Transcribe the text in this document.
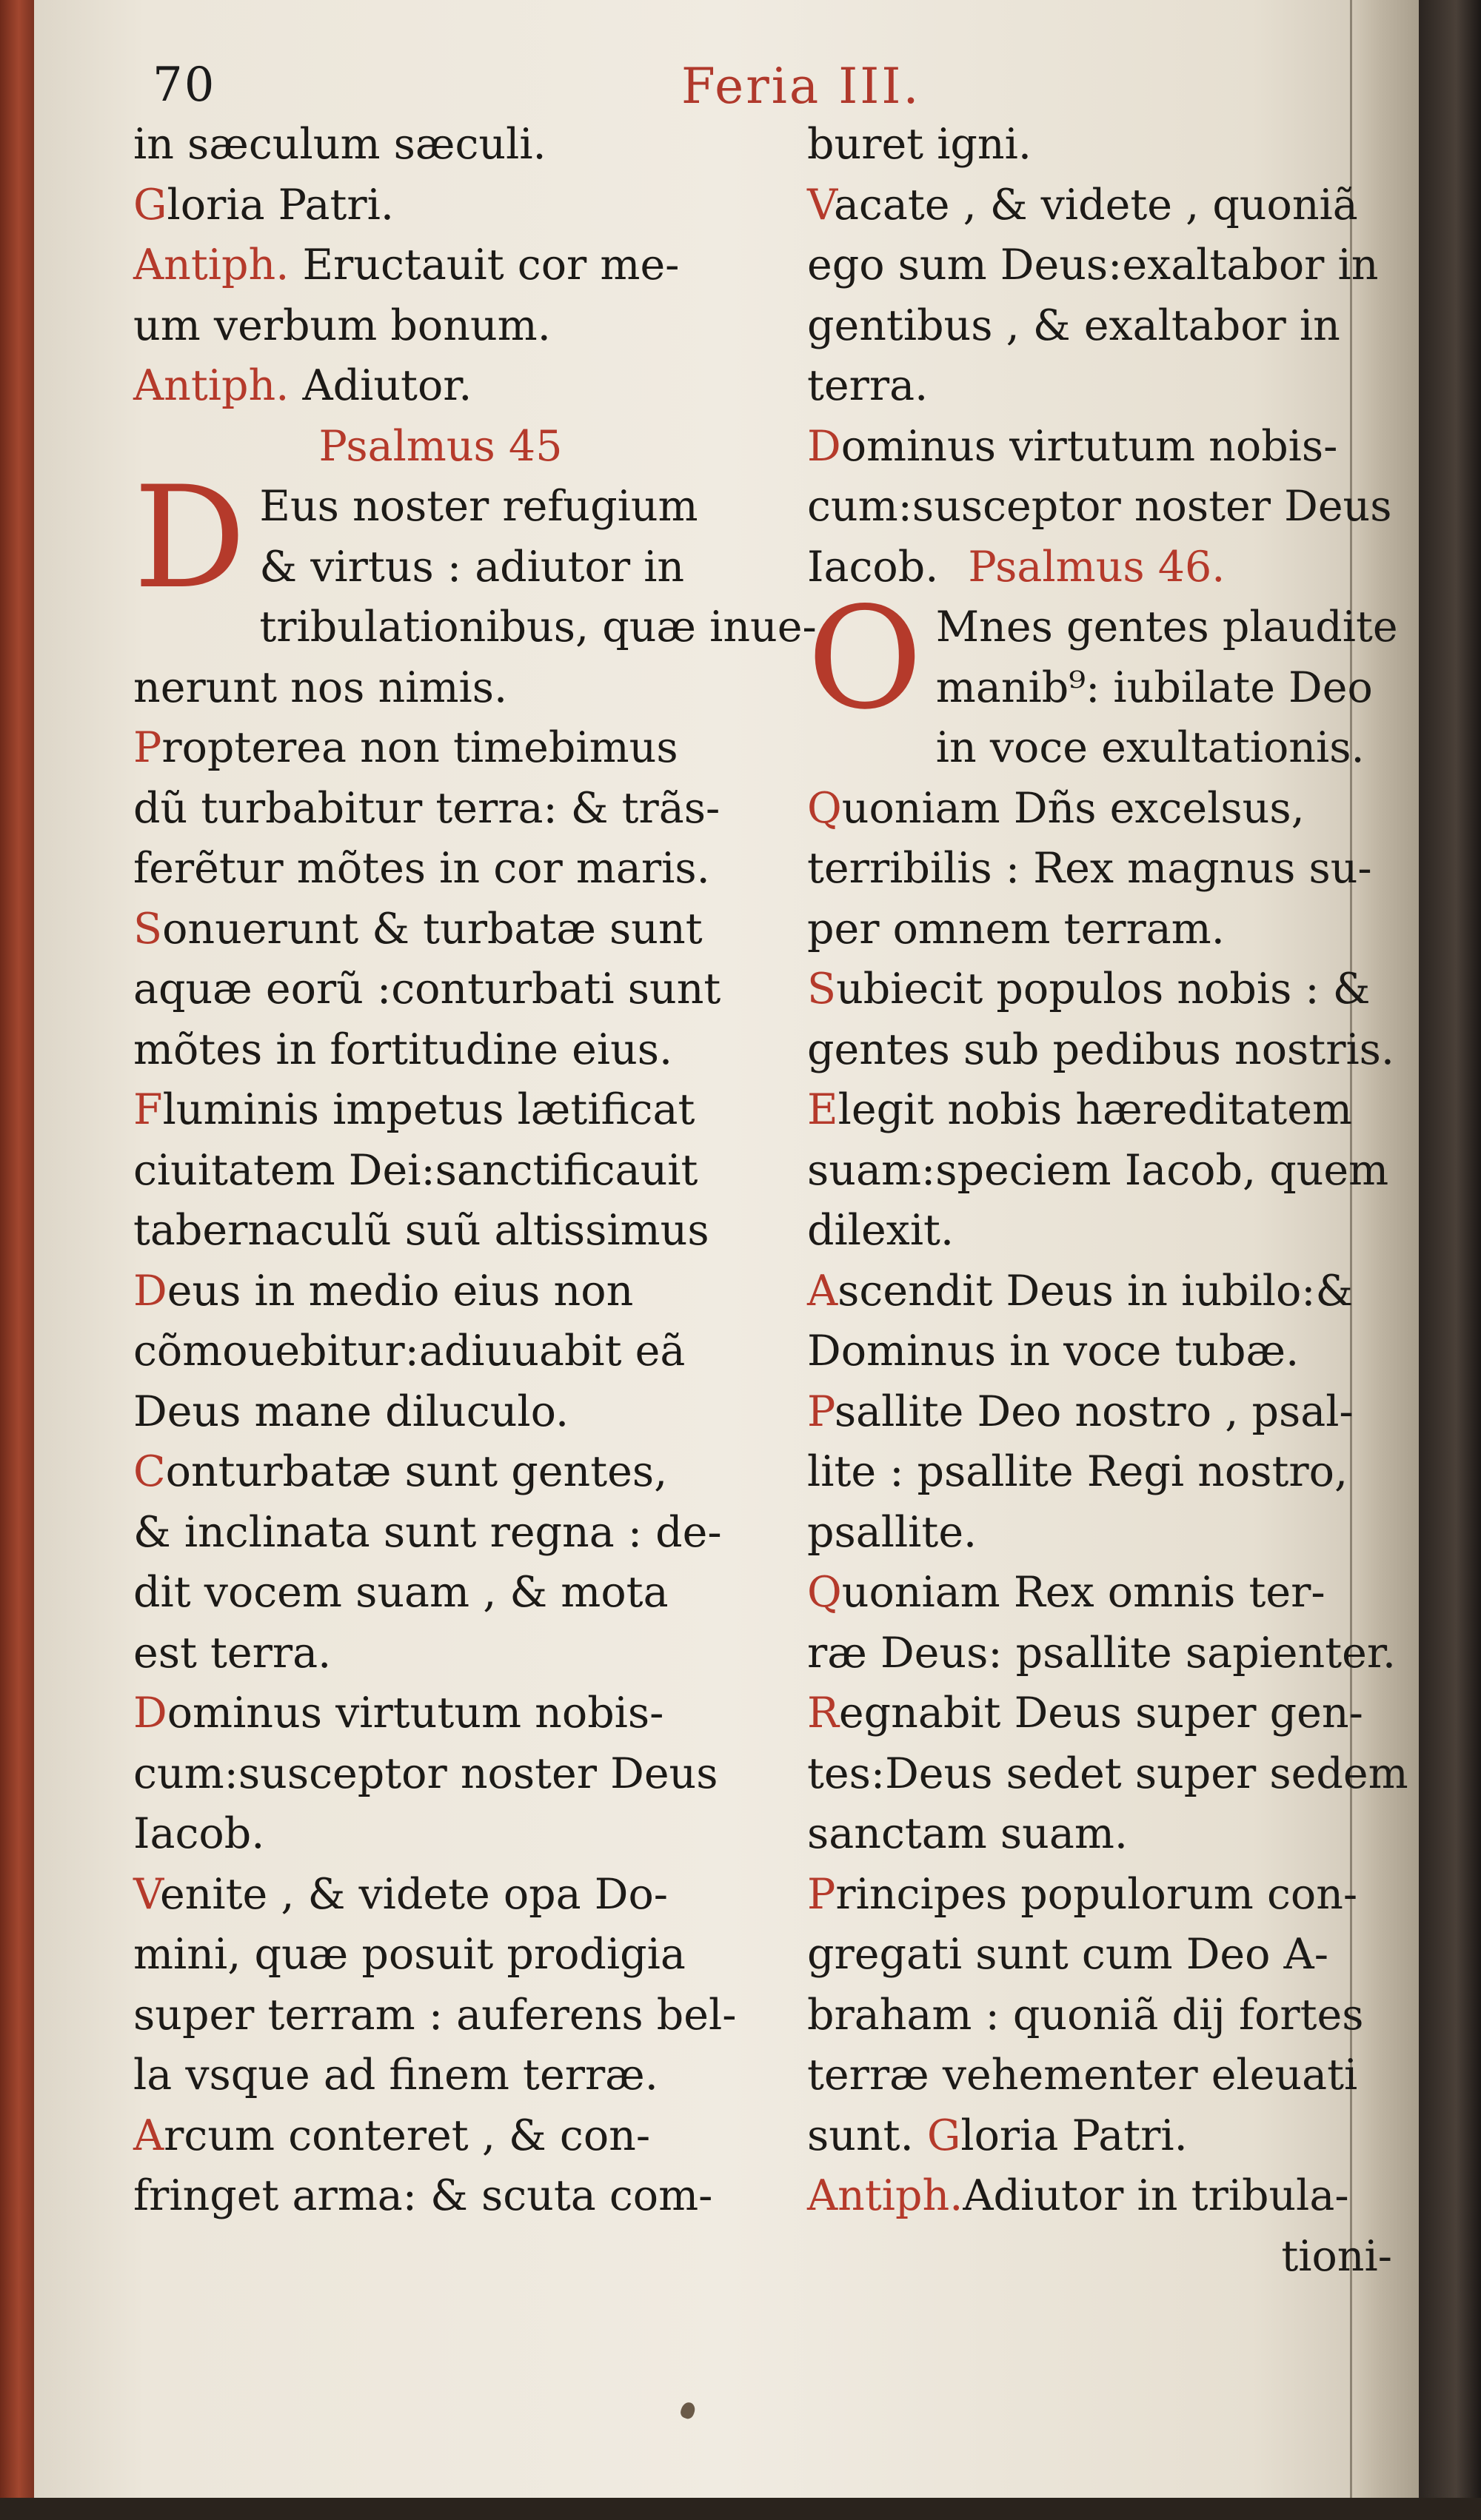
70	Feria III.
in sæculum sæculi.
Gloria Patri.
Antiph. Eructauit cor me-
um verbum bonum.
Antiph. Adiutor.
Psalmus 45
D Eus noster refugium
& virtus : adiutor in
tribulationibus, quæ inue-
nerunt nos nimis.
Propterea non timebimus
dũ turbabitur terra: & trãs-
ferẽtur mõtes in cor maris.
Sonuerunt & turbatæ sunt
aquæ eorũ :conturbati sunt
mõtes in fortitudine eius.
Fluminis impetus lætificat
ciuitatem Dei:sanctificauit
tabernaculũ suũ altissimus
Deus in medio eius non
cõmouebitur:adiuuabit eã
Deus mane diluculo.
Conturbatæ sunt gentes,
& inclinata sunt regna : de-
dit vocem suam , & mota
est terra.
Dominus virtutum nobis-
cum:susceptor noster Deus
Iacob.
Venite , & videte opa Do-
mini, quæ posuit prodigia
super terram : auferens bel-
la vsque ad finem terræ.
Arcum conteret , & con-
fringet arma: & scuta com-
buret igni.
Vacate , & videte , quoniã
ego sum Deus:exaltabor in
gentibus , & exaltabor in
terra.
Dominus virtutum nobis-
cum:susceptor noster Deus
Iacob. Psalmus 46.
O Mnes gentes plaudite
manib⁹: iubilate Deo
in voce exultationis.
Quoniam Dñs excelsus,
terribilis : Rex magnus su-
per omnem terram.
Subiecit populos nobis : &
gentes sub pedibus nostris.
Elegit nobis hæreditatem
suam:speciem Iacob, quem
dilexit.
Ascendit Deus in iubilo:&
Dominus in voce tubæ.
Psallite Deo nostro , psal-
lite : psallite Regi nostro,
psallite.
Quoniam Rex omnis ter-
ræ Deus: psallite sapienter.
Regnabit Deus super gen-
tes:Deus sedet super sedem
sanctam suam.
Principes populorum con-
gregati sunt cum Deo A-
braham : quoniã dij fortes
terræ vehementer eleuati
sunt. Gloria Patri.
Antiph.Adiutor in tribula-
tioni-
